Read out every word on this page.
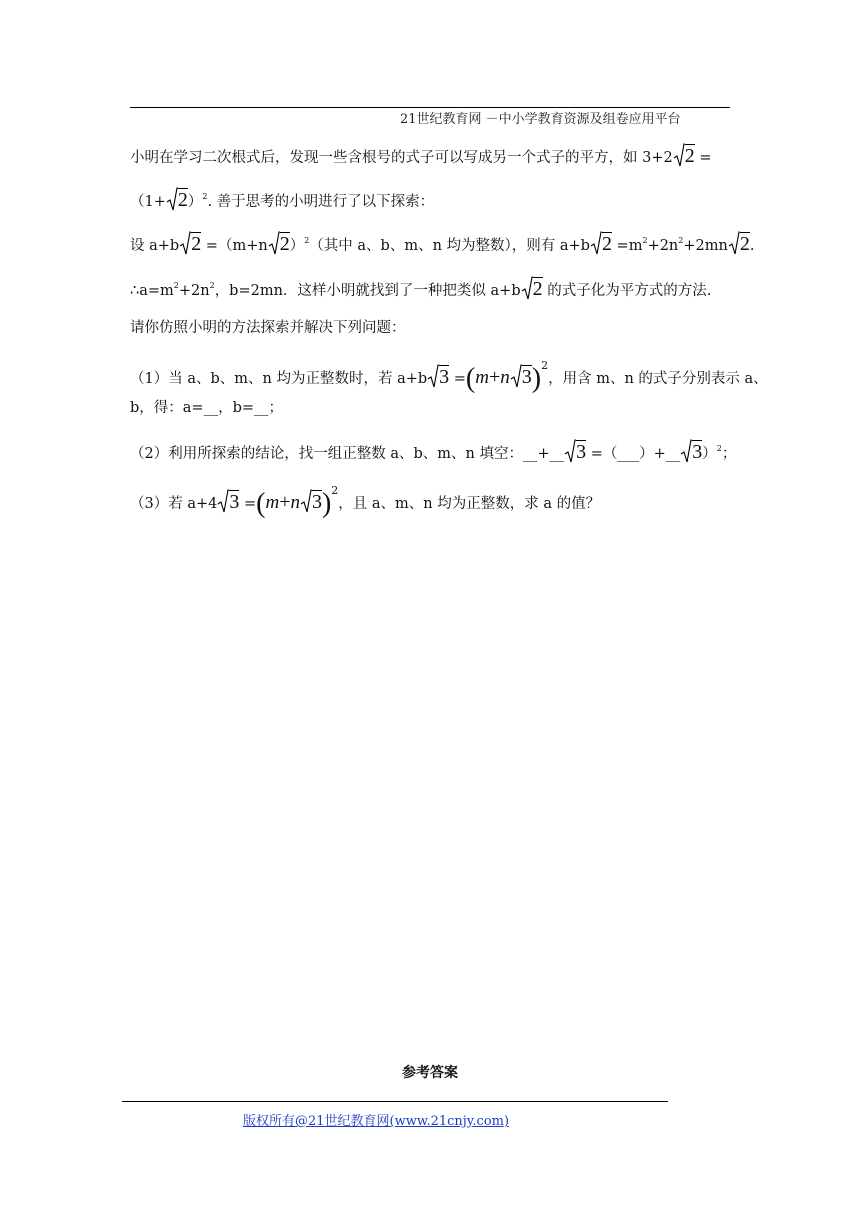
21世纪教育网 －中小学教育资源及组卷应用平台
小明在学习二次根式后，发现一些含根号的式子可以写成另一个式子的平方，如 3+2 2 =
$(1+ 2)^2$. 善于思考的小明进行了以下探索：
设 a+b 2 =（m+n 2）$^2$（其中 a、b、m、n 均为整数），则有 a+b $2 =m^2+2n^2+2mn$ 2.
$\therefore a=m^2+2n^2$，b=2mn．这样小明就找到了一种把类似 a+b 2 的式子化为平方式的方法.
请你仿照小明的方法探索并解决下列问题：
（1）当 a、b、m、n 均为正整数时，若 a+b 3 =(m+n 3)$^2$，用含 m、n 的式子分别表示 a、
b，得：a=__，b=__；
（2）利用所探索的结论，找一组正整数 a、b、m、n 填空：__+__ 3 =（___）+__ 3）$^2$；
（3）若 a+4 3 =(m+n 3)$^2$，且 a、m、n 均为正整数，求 a 的值？
参考答案
版权所有@21世纪教育网(www.21cnjy.com)
